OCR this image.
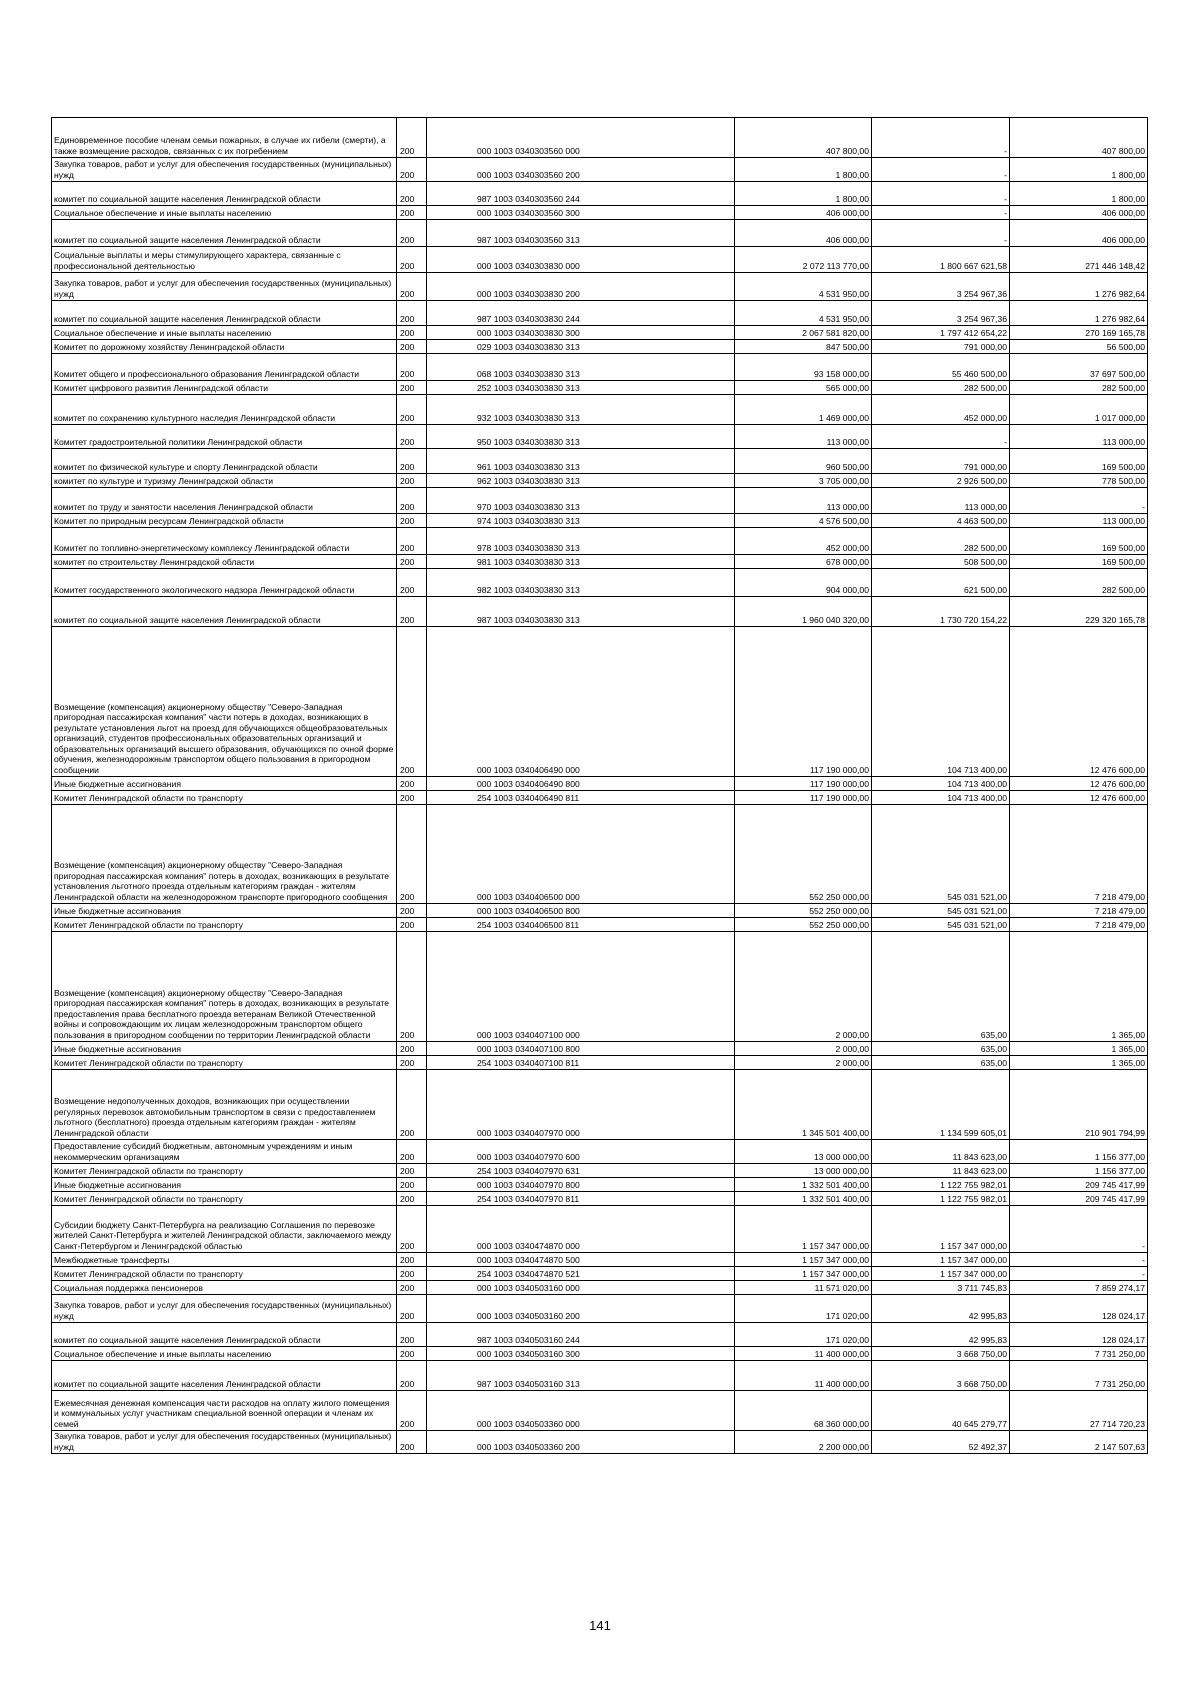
Единовременное пособие членам семьи пожарных, в случае их гибели (смерти), а также возмещение расходов, связанных с их погребением	200	000 1003 0340303560 000	407 800,00	-	407 800,00
Закупка товаров, работ и услуг для обеспечения государственных (муниципальных) нужд	200	000 1003 0340303560 200	1 800,00	-	1 800,00
комитет по социальной защите населения Ленинградской области	200	987 1003 0340303560 244	1 800,00	-	1 800,00
Социальное обеспечение и иные выплаты населению	200	000 1003 0340303560 300	406 000,00	-	406 000,00
комитет по социальной защите населения Ленинградской области	200	987 1003 0340303560 313	406 000,00	-	406 000,00
Социальные выплаты и меры стимулирующего характера, связанные с профессиональной деятельностью	200	000 1003 0340303830 000	2 072 113 770,00	1 800 667 621,58	271 446 148,42
Закупка товаров, работ и услуг для обеспечения государственных (муниципальных) нужд	200	000 1003 0340303830 200	4 531 950,00	3 254 967,36	1 276 982,64
комитет по социальной защите населения Ленинградской области	200	987 1003 0340303830 244	4 531 950,00	3 254 967,36	1 276 982,64
Социальное обеспечение и иные выплаты населению	200	000 1003 0340303830 300	2 067 581 820,00	1 797 412 654,22	270 169 165,78
Комитет по дорожному хозяйству Ленинградской области	200	029 1003 0340303830 313	847 500,00	791 000,00	56 500,00
Комитет общего и профессионального образования Ленинградской области	200	068 1003 0340303830 313	93 158 000,00	55 460 500,00	37 697 500,00
Комитет цифрового развития Ленинградской области	200	252 1003 0340303830 313	565 000,00	282 500,00	282 500,00
комитет по сохранению культурного наследия Ленинградской области	200	932 1003 0340303830 313	1 469 000,00	452 000,00	1 017 000,00
Комитет градостроительной политики Ленинградской области	200	950 1003 0340303830 313	113 000,00	-	113 000,00
комитет по физической культуре и спорту Ленинградской области	200	961 1003 0340303830 313	960 500,00	791 000,00	169 500,00
комитет по культуре и туризму Ленинградской области	200	962 1003 0340303830 313	3 705 000,00	2 926 500,00	778 500,00
комитет по труду и занятости населения Ленинградской области	200	970 1003 0340303830 313	113 000,00	113 000,00	-
Комитет по природным ресурсам Ленинградской области	200	974 1003 0340303830 313	4 576 500,00	4 463 500,00	113 000,00
Комитет по топливно-энергетическому комплексу Ленинградской области	200	978 1003 0340303830 313	452 000,00	282 500,00	169 500,00
комитет по строительству Ленинградской области	200	981 1003 0340303830 313	678 000,00	508 500,00	169 500,00
Комитет государственного экологического надзора Ленинградской области	200	982 1003 0340303830 313	904 000,00	621 500,00	282 500,00
комитет по социальной защите населения Ленинградской области	200	987 1003 0340303830 313	1 960 040 320,00	1 730 720 154,22	229 320 165,78
Возмещение (компенсация) акционерному обществу "Северо-Западная пригородная пассажирская компания" части потерь в доходах, возникающих в результате установления льгот на проезд для обучающихся общеобразовательных организаций, студентов профессиональных образовательных организаций и образовательных организаций высшего образования, обучающихся по очной форме обучения, железнодорожным транспортом общего пользования в пригородном сообщении	200	000 1003 0340406490 000	117 190 000,00	104 713 400,00	12 476 600,00
Иные бюджетные ассигнования	200	000 1003 0340406490 800	117 190 000,00	104 713 400,00	12 476 600,00
Комитет Ленинградской области по транспорту	200	254 1003 0340406490 811	117 190 000,00	104 713 400,00	12 476 600,00
Возмещение (компенсация) акционерному обществу "Северо-Западная пригородная пассажирская компания" потерь в доходах, возникающих в результате установления льготного проезда отдельным категориям граждан - жителям Ленинградской области на железнодорожном транспорте пригородного сообщения	200	000 1003 0340406500 000	552 250 000,00	545 031 521,00	7 218 479,00
Иные бюджетные ассигнования	200	000 1003 0340406500 800	552 250 000,00	545 031 521,00	7 218 479,00
Комитет Ленинградской области по транспорту	200	254 1003 0340406500 811	552 250 000,00	545 031 521,00	7 218 479,00
Возмещение (компенсация) акционерному обществу "Северо-Западная пригородная пассажирская компания" потерь в доходах, возникающих в результате предоставления права бесплатного проезда ветеранам Великой Отечественной войны и сопровождающим их лицам железнодорожным транспортом общего пользования в пригородном сообщении по территории Ленинградской области	200	000 1003 0340407100 000	2 000,00	635,00	1 365,00
Иные бюджетные ассигнования	200	000 1003 0340407100 800	2 000,00	635,00	1 365,00
Комитет Ленинградской области по транспорту	200	254 1003 0340407100 811	2 000,00	635,00	1 365,00
Возмещение недополученных доходов, возникающих при осуществлении регулярных перевозок автомобильным транспортом в связи с предоставлением льготного (бесплатного) проезда отдельным категориям граждан - жителям Ленинградской области	200	000 1003 0340407970 000	1 345 501 400,00	1 134 599 605,01	210 901 794,99
Предоставление субсидий бюджетным, автономным учреждениям и иным некоммерческим организациям	200	000 1003 0340407970 600	13 000 000,00	11 843 623,00	1 156 377,00
Комитет Ленинградской области по транспорту	200	254 1003 0340407970 631	13 000 000,00	11 843 623,00	1 156 377,00
Иные бюджетные ассигнования	200	000 1003 0340407970 800	1 332 501 400,00	1 122 755 982,01	209 745 417,99
Комитет Ленинградской области по транспорту	200	254 1003 0340407970 811	1 332 501 400,00	1 122 755 982,01	209 745 417,99
Субсидии бюджету Санкт-Петербурга на реализацию Соглашения по перевозке жителей Санкт-Петербурга и жителей Ленинградской области, заключаемого между Санкт-Петербургом и Ленинградской областью	200	000 1003 0340474870 000	1 157 347 000,00	1 157 347 000,00	-
Межбюджетные трансферты	200	000 1003 0340474870 500	1 157 347 000,00	1 157 347 000,00	-
Комитет Ленинградской области по транспорту	200	254 1003 0340474870 521	1 157 347 000,00	1 157 347 000,00	-
Социальная поддержка пенсионеров	200	000 1003 0340503160 000	11 571 020,00	3 711 745,83	7 859 274,17
Закупка товаров, работ и услуг для обеспечения государственных (муниципальных) нужд	200	000 1003 0340503160 200	171 020,00	42 995,83	128 024,17
комитет по социальной защите населения Ленинградской области	200	987 1003 0340503160 244	171 020,00	42 995,83	128 024,17
Социальное обеспечение и иные выплаты населению	200	000 1003 0340503160 300	11 400 000,00	3 668 750,00	7 731 250,00
комитет по социальной защите населения Ленинградской области	200	987 1003 0340503160 313	11 400 000,00	3 668 750,00	7 731 250,00
Ежемесячная денежная компенсация части расходов на оплату жилого помещения и коммунальных услуг участникам специальной военной операции и членам их семей	200	000 1003 0340503360 000	68 360 000,00	40 645 279,77	27 714 720,23
Закупка товаров, работ и услуг для обеспечения государственных (муниципальных) нужд	200	000 1003 0340503360 200	2 200 000,00	52 492,37	2 147 507,63
141
